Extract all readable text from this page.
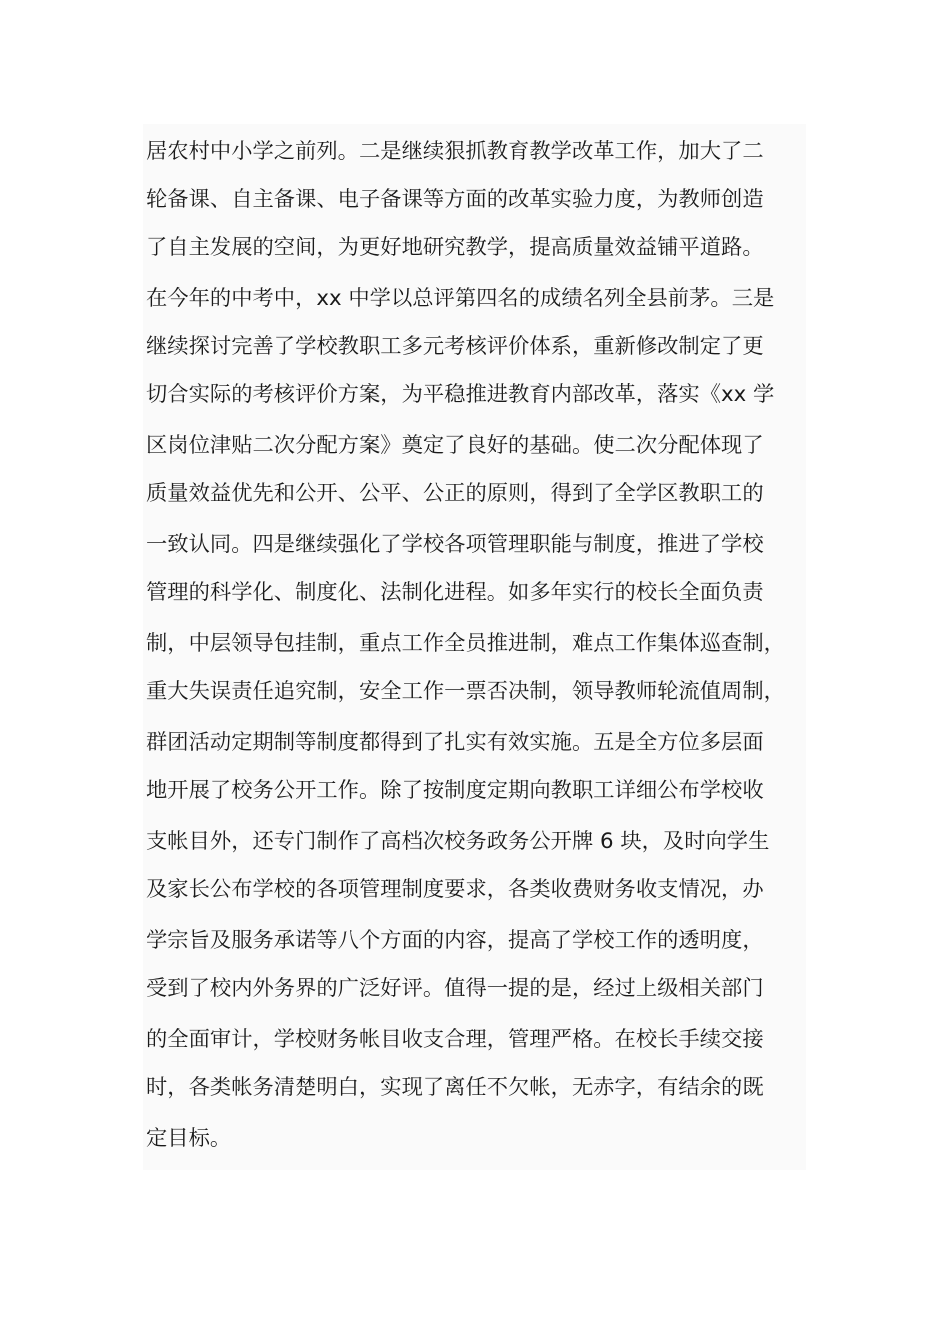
居农村中小学之前列。二是继续狠抓教育教学改革工作，加大了二
轮备课、自主备课、电子备课等方面的改革实验力度，为教师创造
了自主发展的空间，为更好地研究教学，提高质量效益铺平道路。
在今年的中考中，xx 中学以总评第四名的成绩名列全县前茅。三是
继续探讨完善了学校教职工多元考核评价体系，重新修改制定了更
切合实际的考核评价方案，为平稳推进教育内部改革，落实《xx 学
区岗位津贴二次分配方案》奠定了良好的基础。使二次分配体现了
质量效益优先和公开、公平、公正的原则，得到了全学区教职工的
一致认同。四是继续强化了学校各项管理职能与制度，推进了学校
管理的科学化、制度化、法制化进程。如多年实行的校长全面负责
制，中层领导包挂制，重点工作全员推进制，难点工作集体巡查制，
重大失误责任追究制，安全工作一票否决制，领导教师轮流值周制，
群团活动定期制等制度都得到了扎实有效实施。五是全方位多层面
地开展了校务公开工作。除了按制度定期向教职工详细公布学校收
支帐目外，还专门制作了高档次校务政务公开牌 6 块，及时向学生
及家长公布学校的各项管理制度要求，各类收费财务收支情况，办
学宗旨及服务承诺等八个方面的内容，提高了学校工作的透明度，
受到了校内外务界的广泛好评。值得一提的是，经过上级相关部门
的全面审计，学校财务帐目收支合理，管理严格。在校长手续交接
时，各类帐务清楚明白，实现了离任不欠帐，无赤字，有结余的既
定目标。
